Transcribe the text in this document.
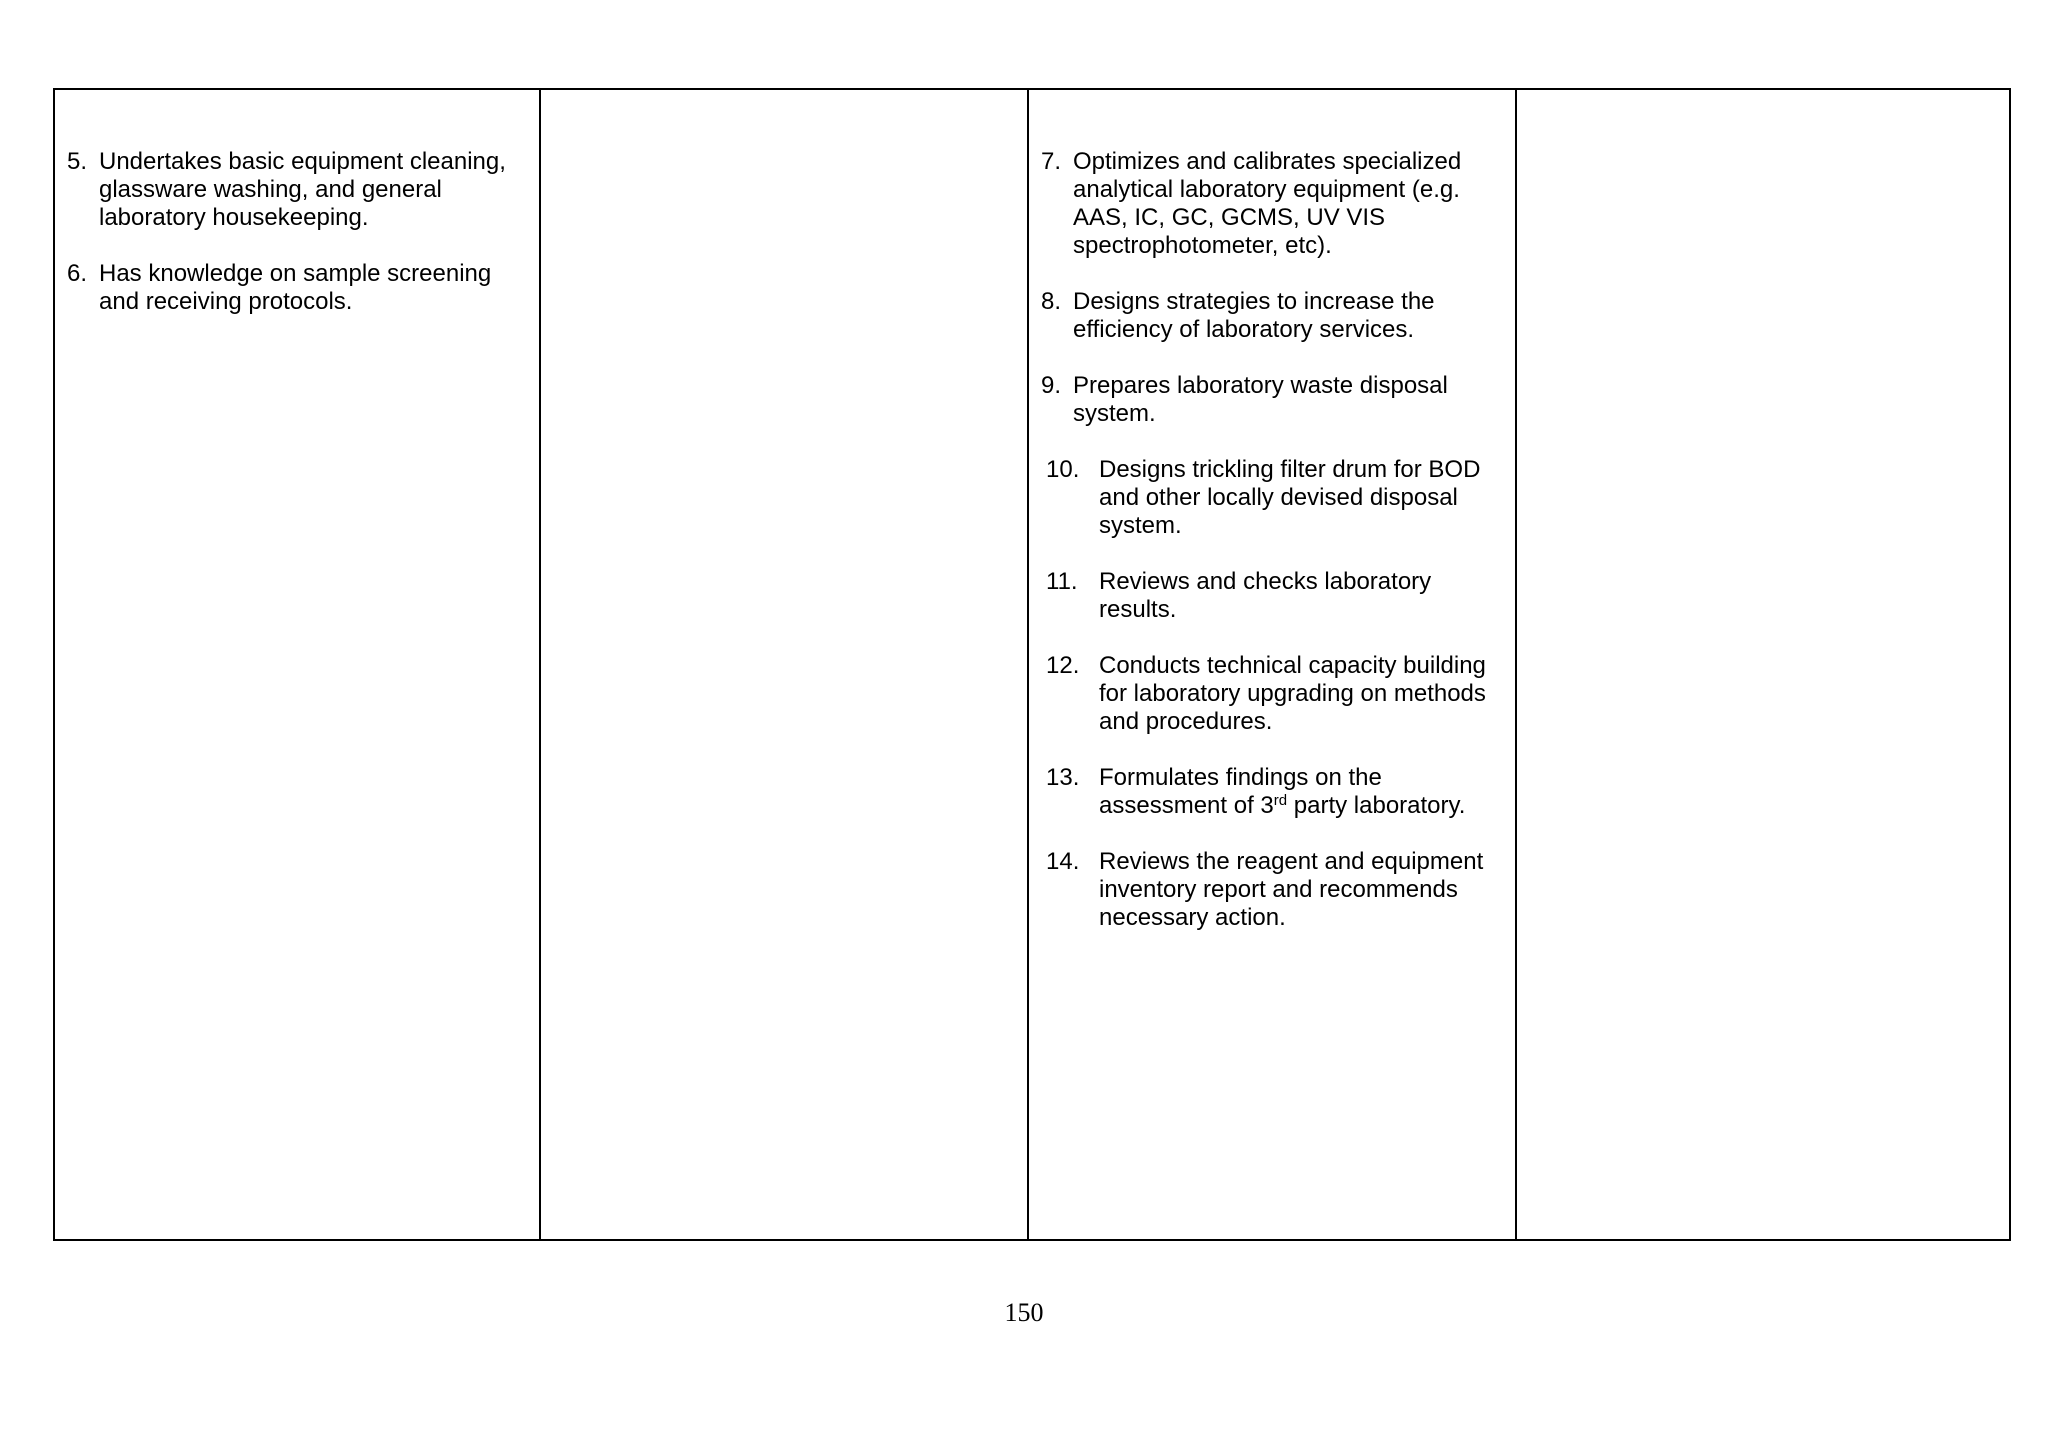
5. Undertakes basic equipment cleaning, glassware washing, and general laboratory housekeeping.
6. Has knowledge on sample screening and receiving protocols.

7. Optimizes and calibrates specialized analytical laboratory equipment (e.g. AAS, IC, GC, GCMS, UV VIS spectrophotometer, etc).
8. Designs strategies to increase the efficiency of laboratory services.
9. Prepares laboratory waste disposal system.
10. Designs trickling filter drum for BOD and other locally devised disposal system.
11. Reviews and checks laboratory results.
12. Conducts technical capacity building for laboratory upgrading on methods and procedures.
13. Formulates findings on the assessment of 3rd party laboratory.
14. Reviews the reagent and equipment inventory report and recommends necessary action.

150
